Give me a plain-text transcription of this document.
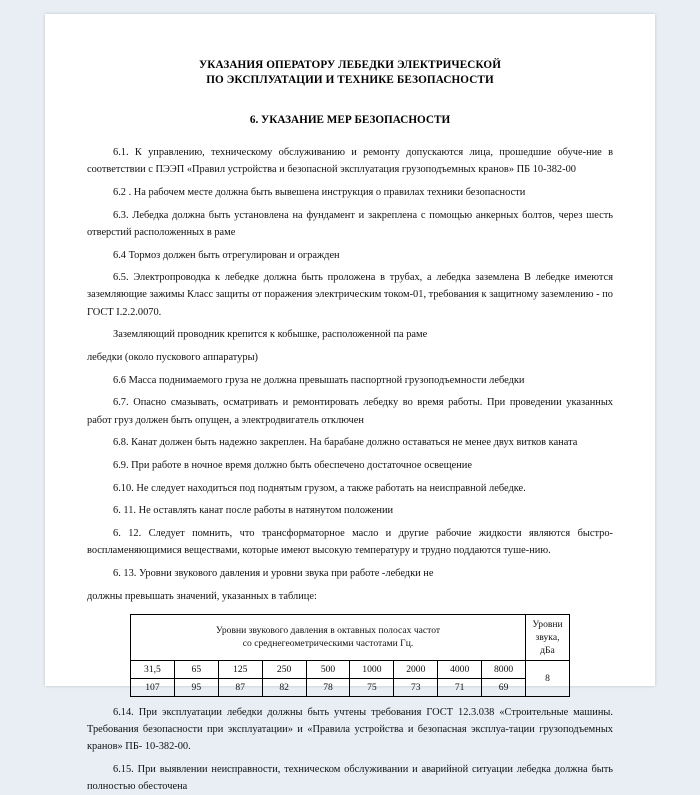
УКАЗАНИЯ ОПЕРАТОРУ ЛЕБЕДКИ ЭЛЕКТРИЧЕСКОЙ
ПО ЭКСПЛУАТАЦИИ И ТЕХНИКЕ БЕЗОПАСНОСТИ
6. УКАЗАНИЕ МЕР БЕЗОПАСНОСТИ

6.1. К управлению, техническому обслуживанию и ремонту допускаются лица, прошедшие обуче-ние в соответствии с ПЭЭП «Правил устройства и безопасной эксплуатация грузоподъемных кранов» ПБ 10-382-00

6.2 . На рабочем месте должна быть вывешена инструкция о правилах техники безопасности

6.3. Лебедка должна быть установлена на фундамент и закреплена с помощью анкерных болтов, через шесть отверстий расположенных в раме

6.4 Тормоз должен быть отрегулирован и огражден

6.5. Электропроводка к лебедке должна быть проложена в трубах, а лебедка заземлена В лебедке имеются заземляющие зажимы Класс защиты от поражения электрическим током-01, требования к защитному заземлению - по ГОСТ I.2.2.0070.

Заземляющий проводник крепится к кобышке, расположенной па раме

лебедки (около пускового аппаратуры)

6.6 Масса поднимаемого груза не должна превышать паспортной грузоподъемности лебедки

6.7. Опасно смазывать, осматривать и ремонтировать лебедку во время работы. При проведении указанных работ груз должен быть опущен, а электродвигатель отключен

6.8. Канат должен быть надежно закреплен. На барабане должно оставаться не менее двух витков каната

6.9. При работе в ночное время должно быть обеспечено достаточное освещение

6.10. Не следует находиться под поднятым грузом, а также работать на неисправной лебедке.

6. 11. Не оставлять канат после работы в натянутом положении

6. 12. Следует помнить, что трансформаторное масло и другие рабочие жидкости являются быстро-воспламеняющимися веществами, которые имеют высокую температуру и трудно поддаются туше-нию.

6. 13. Уровни звукового давления и уровни звука при работе -лебедки не

должны превышать значений, указанных в таблице:

Уровни звукового давления в октавных полосах частот
со среднегеометрическими частотами Гц.

Уровни
звука, дБа

31,5	65	125	250	500	1000	2000	4000	8000	8
107	95	87	82	78	75	73	71	69	

6.14. При эксплуатации лебедки должны быть учтены требования ГОСТ 12.3.038 «Строительные машины. Требования безопасности при эксплуатации» и «Правила устройства и безопасная эксплуа-тации грузоподъемных кранов» ПБ- 10-382-00.

6.15. При выявлении неисправности, техническом обслуживании и аварийной ситуации лебедка должна быть полностью обесточена
